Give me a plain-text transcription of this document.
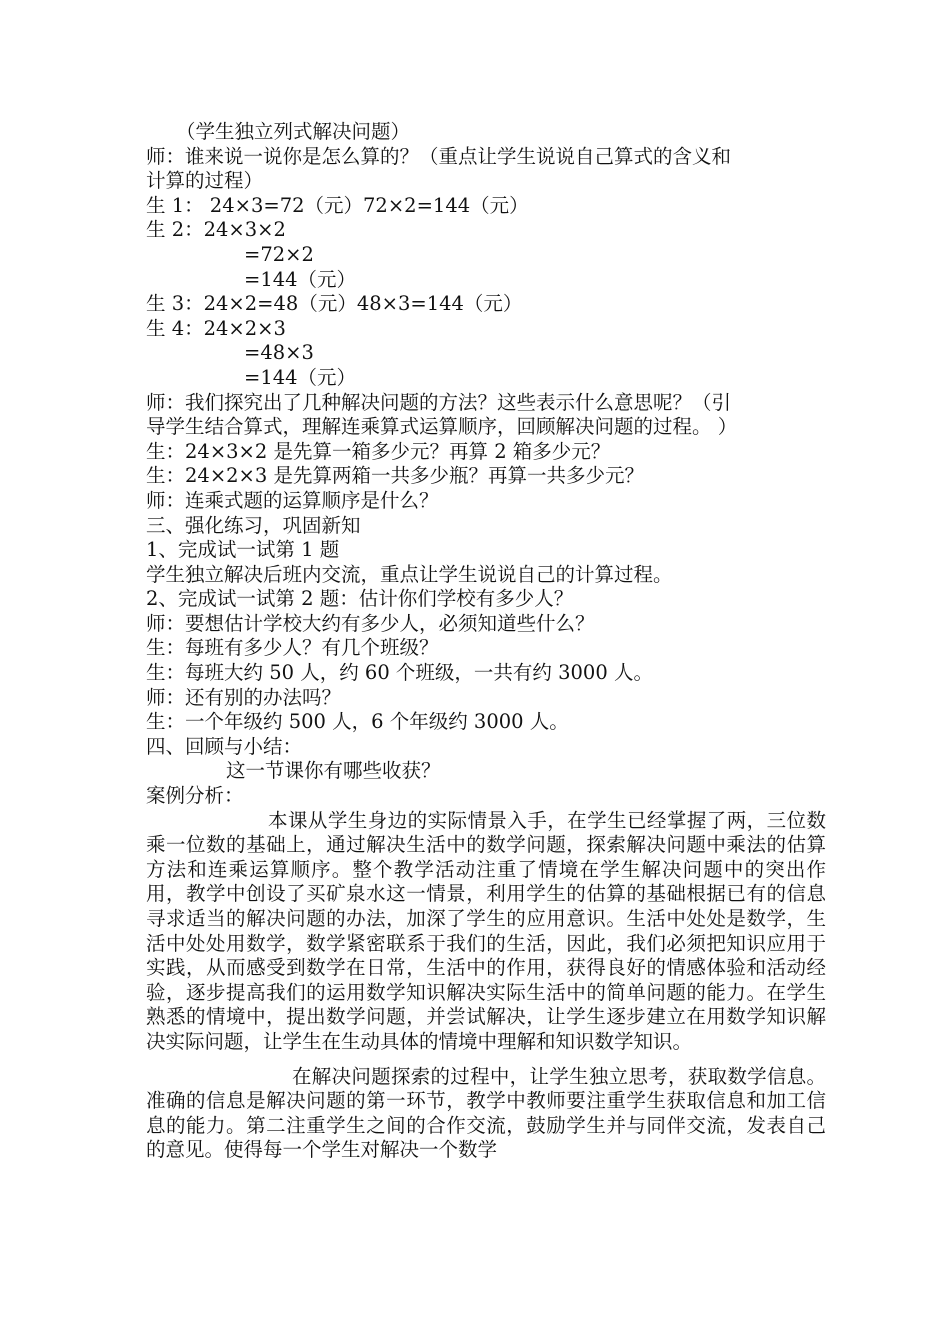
（学生独立列式解决问题）
师：谁来说一说你是怎么算的？（重点让学生说说自己算式的含义和
计算的过程）
生 1： 24×3=72（元）72×2=144（元）
生 2：24×3×2
=72×2
=144（元）
生 3：24×2=48（元）48×3=144（元）
生 4：24×2×3
=48×3
=144（元）
师：我们探究出了几种解决问题的方法？这些表示什么意思呢？（引
导学生结合算式，理解连乘算式运算顺序，回顾解决问题的过程。 ）
生：24×3×2 是先算一箱多少元？再算 2 箱多少元？
生：24×2×3 是先算两箱一共多少瓶？再算一共多少元？
师：连乘式题的运算顺序是什么？
三、强化练习，巩固新知
1、完成试一试第 1 题
学生独立解决后班内交流，重点让学生说说自己的计算过程。
2、完成试一试第 2 题：估计你们学校有多少人？
师：要想估计学校大约有多少人，必须知道些什么？
生：每班有多少人？有几个班级？
生：每班大约 50 人，约 60 个班级，一共有约 3000 人。
师：还有别的办法吗？
生：一个年级约 500 人，6 个年级约 3000 人。
四、回顾与小结：
这一节课你有哪些收获？
案例分析：

本课从学生身边的实际情景入手，在学生已经掌握了两，三位数乘一位数的基础上，通过解决生活中的数学问题，探索解决问题中乘法的估算方法和连乘运算顺序。整个教学活动注重了情境在学生解决问题中的突出作用，教学中创设了买矿泉水这一情景，利用学生的估算的基础根据已有的信息寻求适当的解决问题的办法，加深了学生的应用意识。生活中处处是数学，生活中处处用数学，数学紧密联系于我们的生活，因此，我们必须把知识应用于实践，从而感受到数学在日常，生活中的作用，获得良好的情感体验和活动经验，逐步提高我们的运用数学知识解决实际生活中的简单问题的能力。在学生熟悉的情境中，提出数学问题，并尝试解决，让学生逐步建立在用数学知识解决实际问题，让学生在生动具体的情境中理解和知识数学知识。

在解决问题探索的过程中，让学生独立思考，获取数学信息。准确的信息是解决问题的第一环节，教学中教师要注重学生获取信息和加工信息的能力。第二注重学生之间的合作交流，鼓励学生并与同伴交流，发表自己的意见。使得每一个学生对解决一个数学
